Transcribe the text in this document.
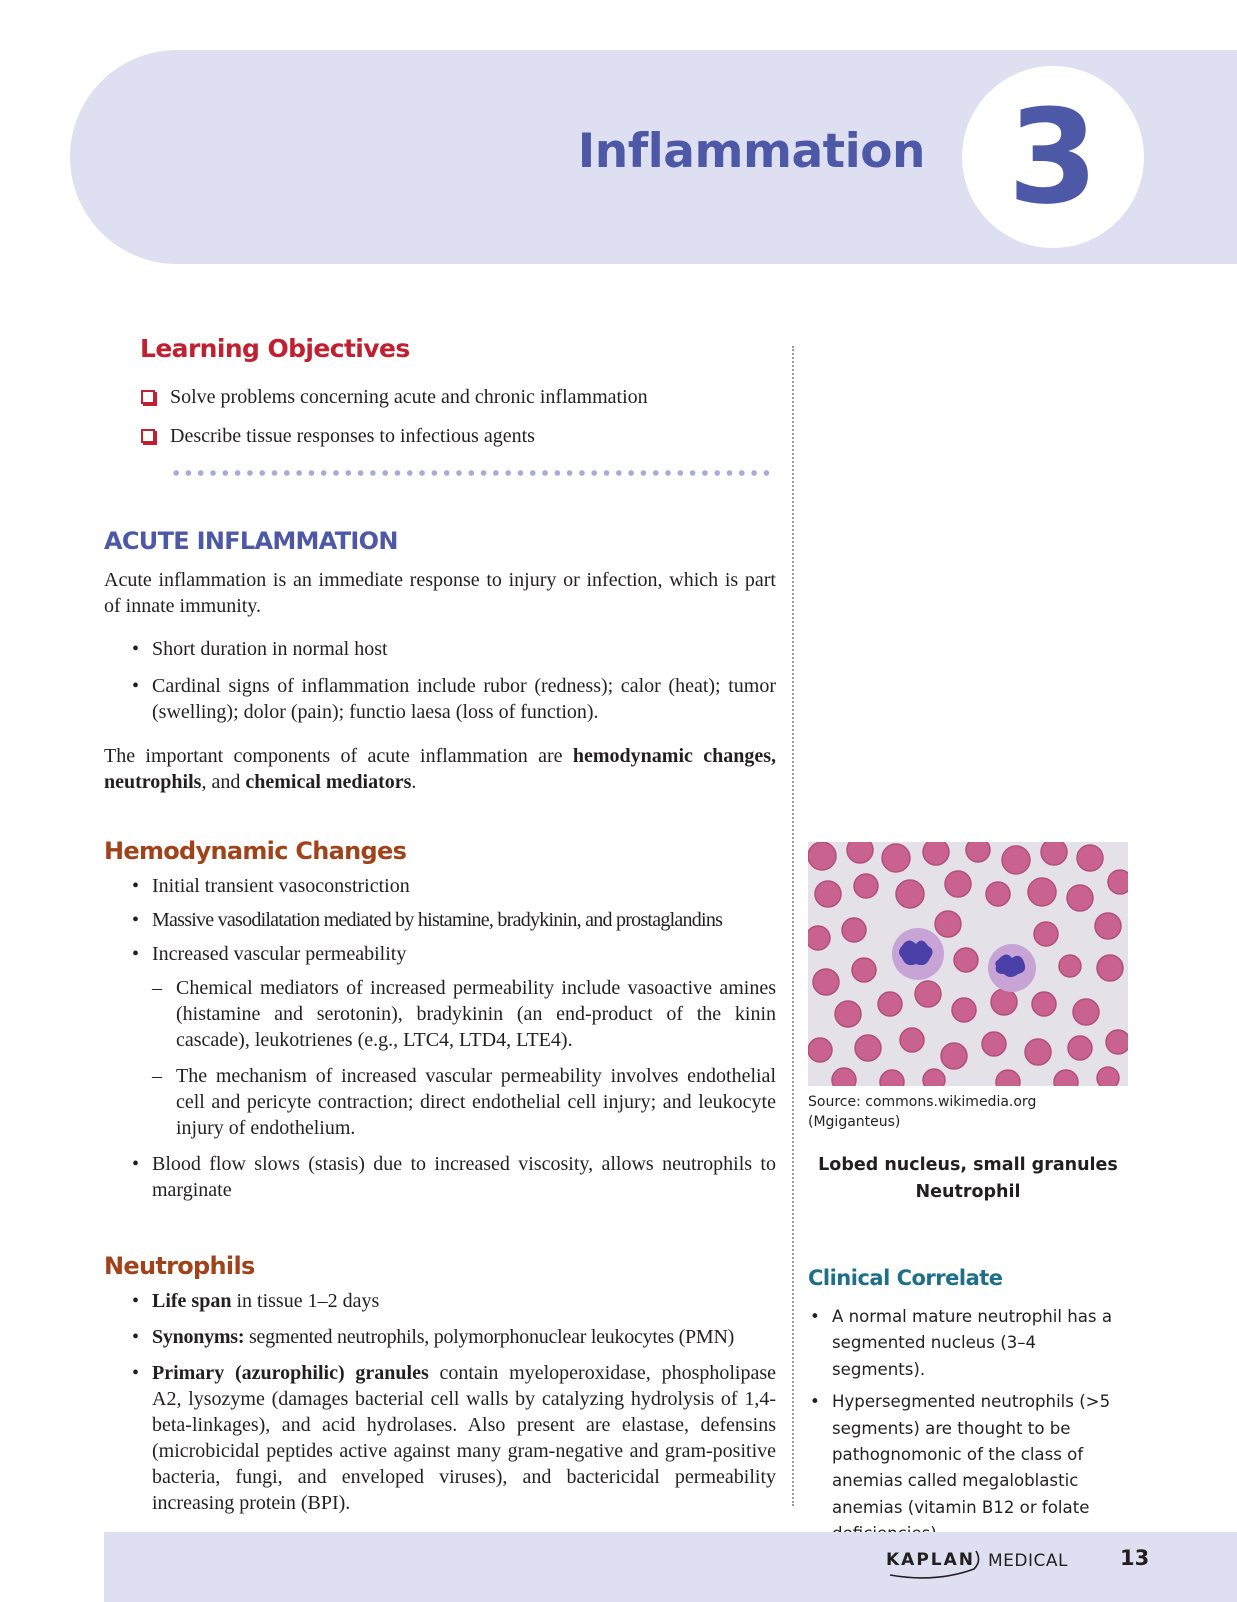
Inflammation 3
Learning Objectives
Solve problems concerning acute and chronic inflammation
Describe tissue responses to infectious agents
ACUTE INFLAMMATION
Acute inflammation is an immediate response to injury or infection, which is part of innate immunity.
• Short duration in normal host
• Cardinal signs of inflammation include rubor (redness); calor (heat); tumor (swelling); dolor (pain); functio laesa (loss of function).
The important components of acute inflammation are hemodynamic changes, neutrophils, and chemical mediators.
Hemodynamic Changes
• Initial transient vasoconstriction
• Massive vasodilatation mediated by histamine, bradykinin, and prostaglandins
• Increased vascular permeability
– Chemical mediators of increased permeability include vasoactive amines (histamine and serotonin), bradykinin (an end-product of the kinin cascade), leukotrienes (e.g., LTC4, LTD4, LTE4).
– The mechanism of increased vascular permeability involves endothelial cell and pericyte contraction; direct endothelial cell injury; and leukocyte injury of endothelium.
• Blood flow slows (stasis) due to increased viscosity, allows neutrophils to marginate
Neutrophils
• Life span in tissue 1–2 days
• Synonyms: segmented neutrophils, polymorphonuclear leukocytes (PMN)
• Primary (azurophilic) granules contain myeloperoxidase, phospholipase A2, lysozyme (damages bacterial cell walls by catalyzing hydrolysis of 1,4-beta-linkages), and acid hydrolases. Also present are elastase, defensins (microbicidal peptides active against many gram-negative and gram-positive bacteria, fungi, and enveloped viruses), and bactericidal permeability increasing protein (BPI).
Source: commons.wikimedia.org
(Mgiganteus)
Lobed nucleus, small granules
Neutrophil
Clinical Correlate
• A normal mature neutrophil has a segmented nucleus (3–4 segments).
• Hypersegmented neutrophils (>5 segments) are thought to be pathognomonic of the class of anemias called megaloblastic anemias (vitamin B12 or folate
KAPLAN MEDICAL 13
